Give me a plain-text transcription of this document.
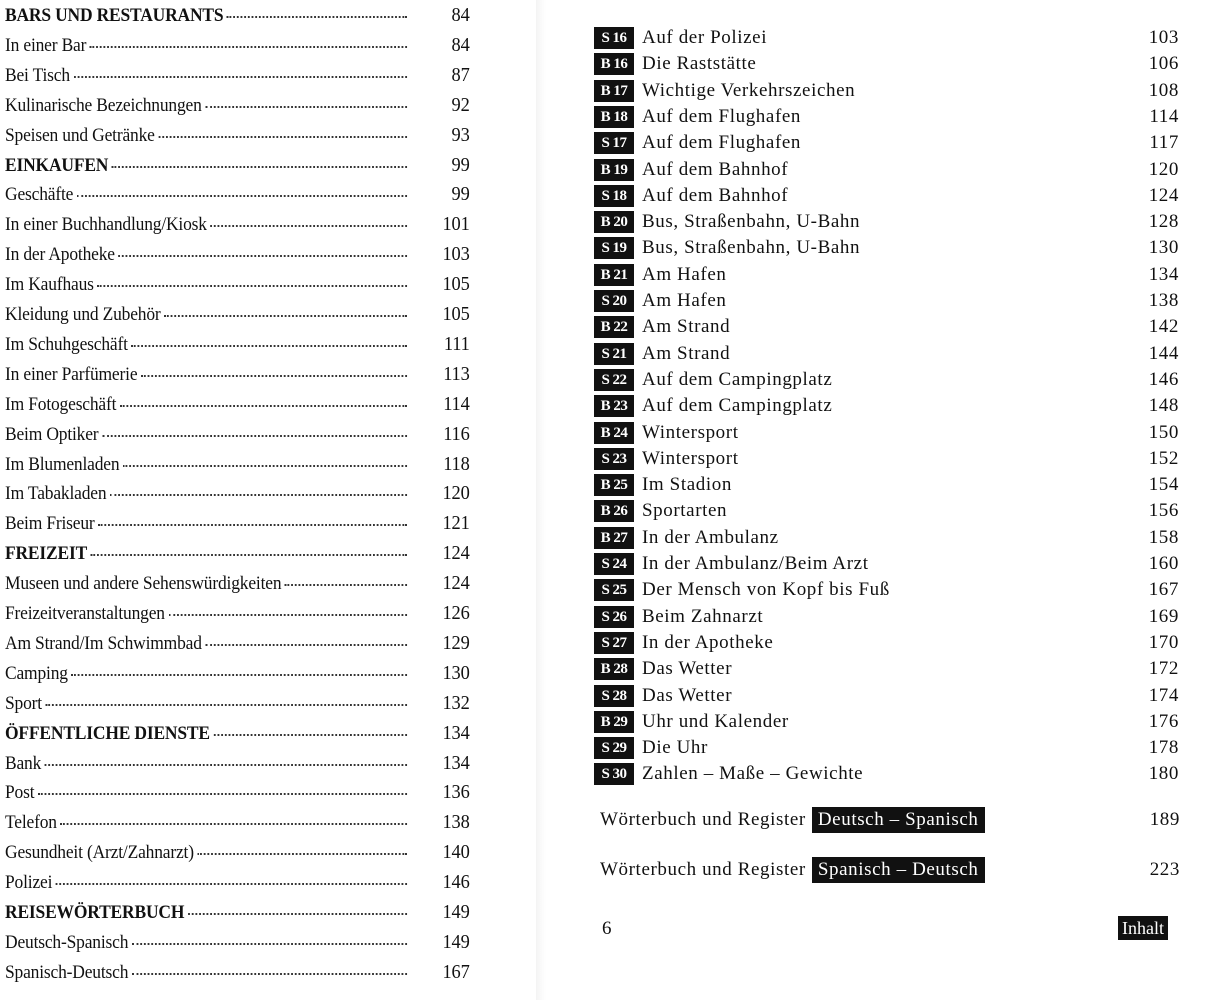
BARS UND RESTAURANTS	84
In einer Bar	84
Bei Tisch	87
Kulinarische Bezeichnungen	92
Speisen und Getränke	93
EINKAUFEN	99
Geschäfte	99
In einer Buchhandlung/Kiosk	101
In der Apotheke	103
Im Kaufhaus	105
Kleidung und Zubehör	105
Im Schuhgeschäft	111
In einer Parfümerie	113
Im Fotogeschäft	114
Beim Optiker	116
Im Blumenladen	118
Im Tabakladen	120
Beim Friseur	121
FREIZEIT	124
Museen und andere Sehenswürdigkeiten	124
Freizeitveranstaltungen	126
Am Strand/Im Schwimmbad	129
Camping	130
Sport	132
ÖFFENTLICHE DIENSTE	134
Bank	134
Post	136
Telefon	138
Gesundheit (Arzt/Zahnarzt)	140
Polizei	146
REISEWÖRTERBUCH	149
Deutsch-Spanisch	149
Spanisch-Deutsch	167
S 16 Auf der Polizei	103
B 16 Die Raststätte	106
B 17 Wichtige Verkehrszeichen	108
B 18 Auf dem Flughafen	114
S 17 Auf dem Flughafen	117
B 19 Auf dem Bahnhof	120
S 18 Auf dem Bahnhof	124
B 20 Bus, Straßenbahn, U-Bahn	128
S 19 Bus, Straßenbahn, U-Bahn	130
B 21 Am Hafen	134
S 20 Am Hafen	138
B 22 Am Strand	142
S 21 Am Strand	144
S 22 Auf dem Campingplatz	146
B 23 Auf dem Campingplatz	148
B 24 Wintersport	150
S 23 Wintersport	152
B 25 Im Stadion	154
B 26 Sportarten	156
B 27 In der Ambulanz	158
S 24 In der Ambulanz/Beim Arzt	160
S 25 Der Mensch von Kopf bis Fuß	167
S 26 Beim Zahnarzt	169
S 27 In der Apotheke	170
B 28 Das Wetter	172
S 28 Das Wetter	174
B 29 Uhr und Kalender	176
S 29 Die Uhr	178
S 30 Zahlen – Maße – Gewichte	180
Wörterbuch und Register Deutsch – Spanisch	189
Wörterbuch und Register Spanisch – Deutsch	223
6	Inhalt
